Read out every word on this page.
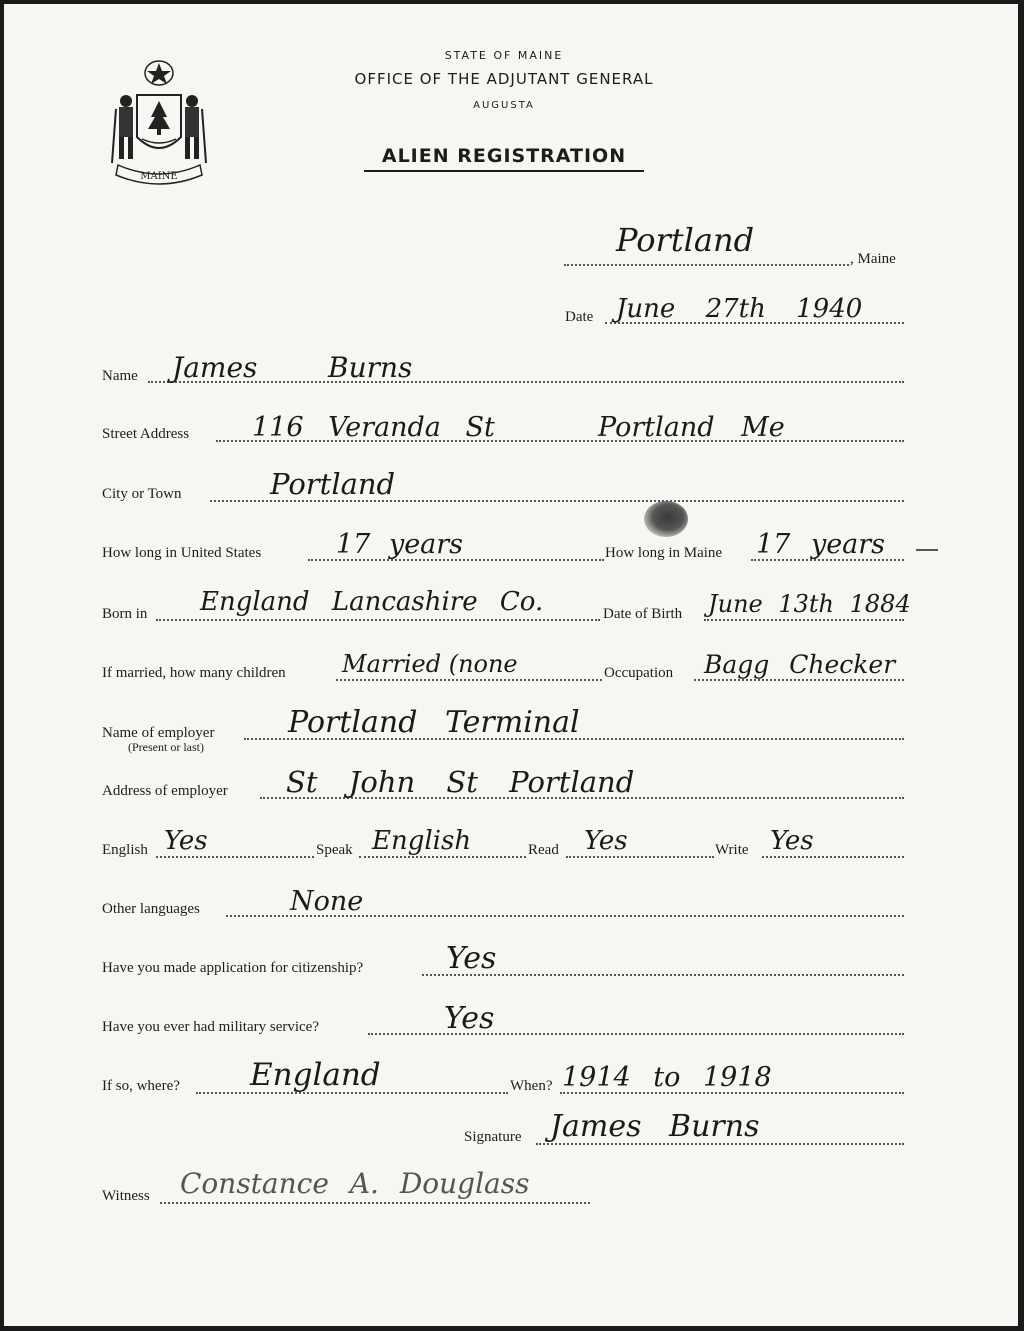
STATE OF MAINE
OFFICE OF THE ADJUTANT GENERAL
AUGUSTA
ALIEN REGISTRATION
MAINE
Portland	, Maine
Date June 27th 1940
Name James	Burns
Street Address 116 Veranda St	Portland Me
City or Town	Portland
How long in United States	17 years	How long in Maine 17 years
Born in England Lancashire Co.	Date of Birth June 13th 1884
If married, how many children Married (none	Occupation Bagg Checker
Name of employer
(Present or last)
Portland Terminal
Address of employer St John St Portland
English Yes	Speak English	Read Yes	Write Yes
Other languages	None
Have you made application for citizenship?	Yes
Have you ever had military service?	Yes
If so, where? England	When? 1914 to 1918
Signature James Burns
Witness Constance A. Douglass
